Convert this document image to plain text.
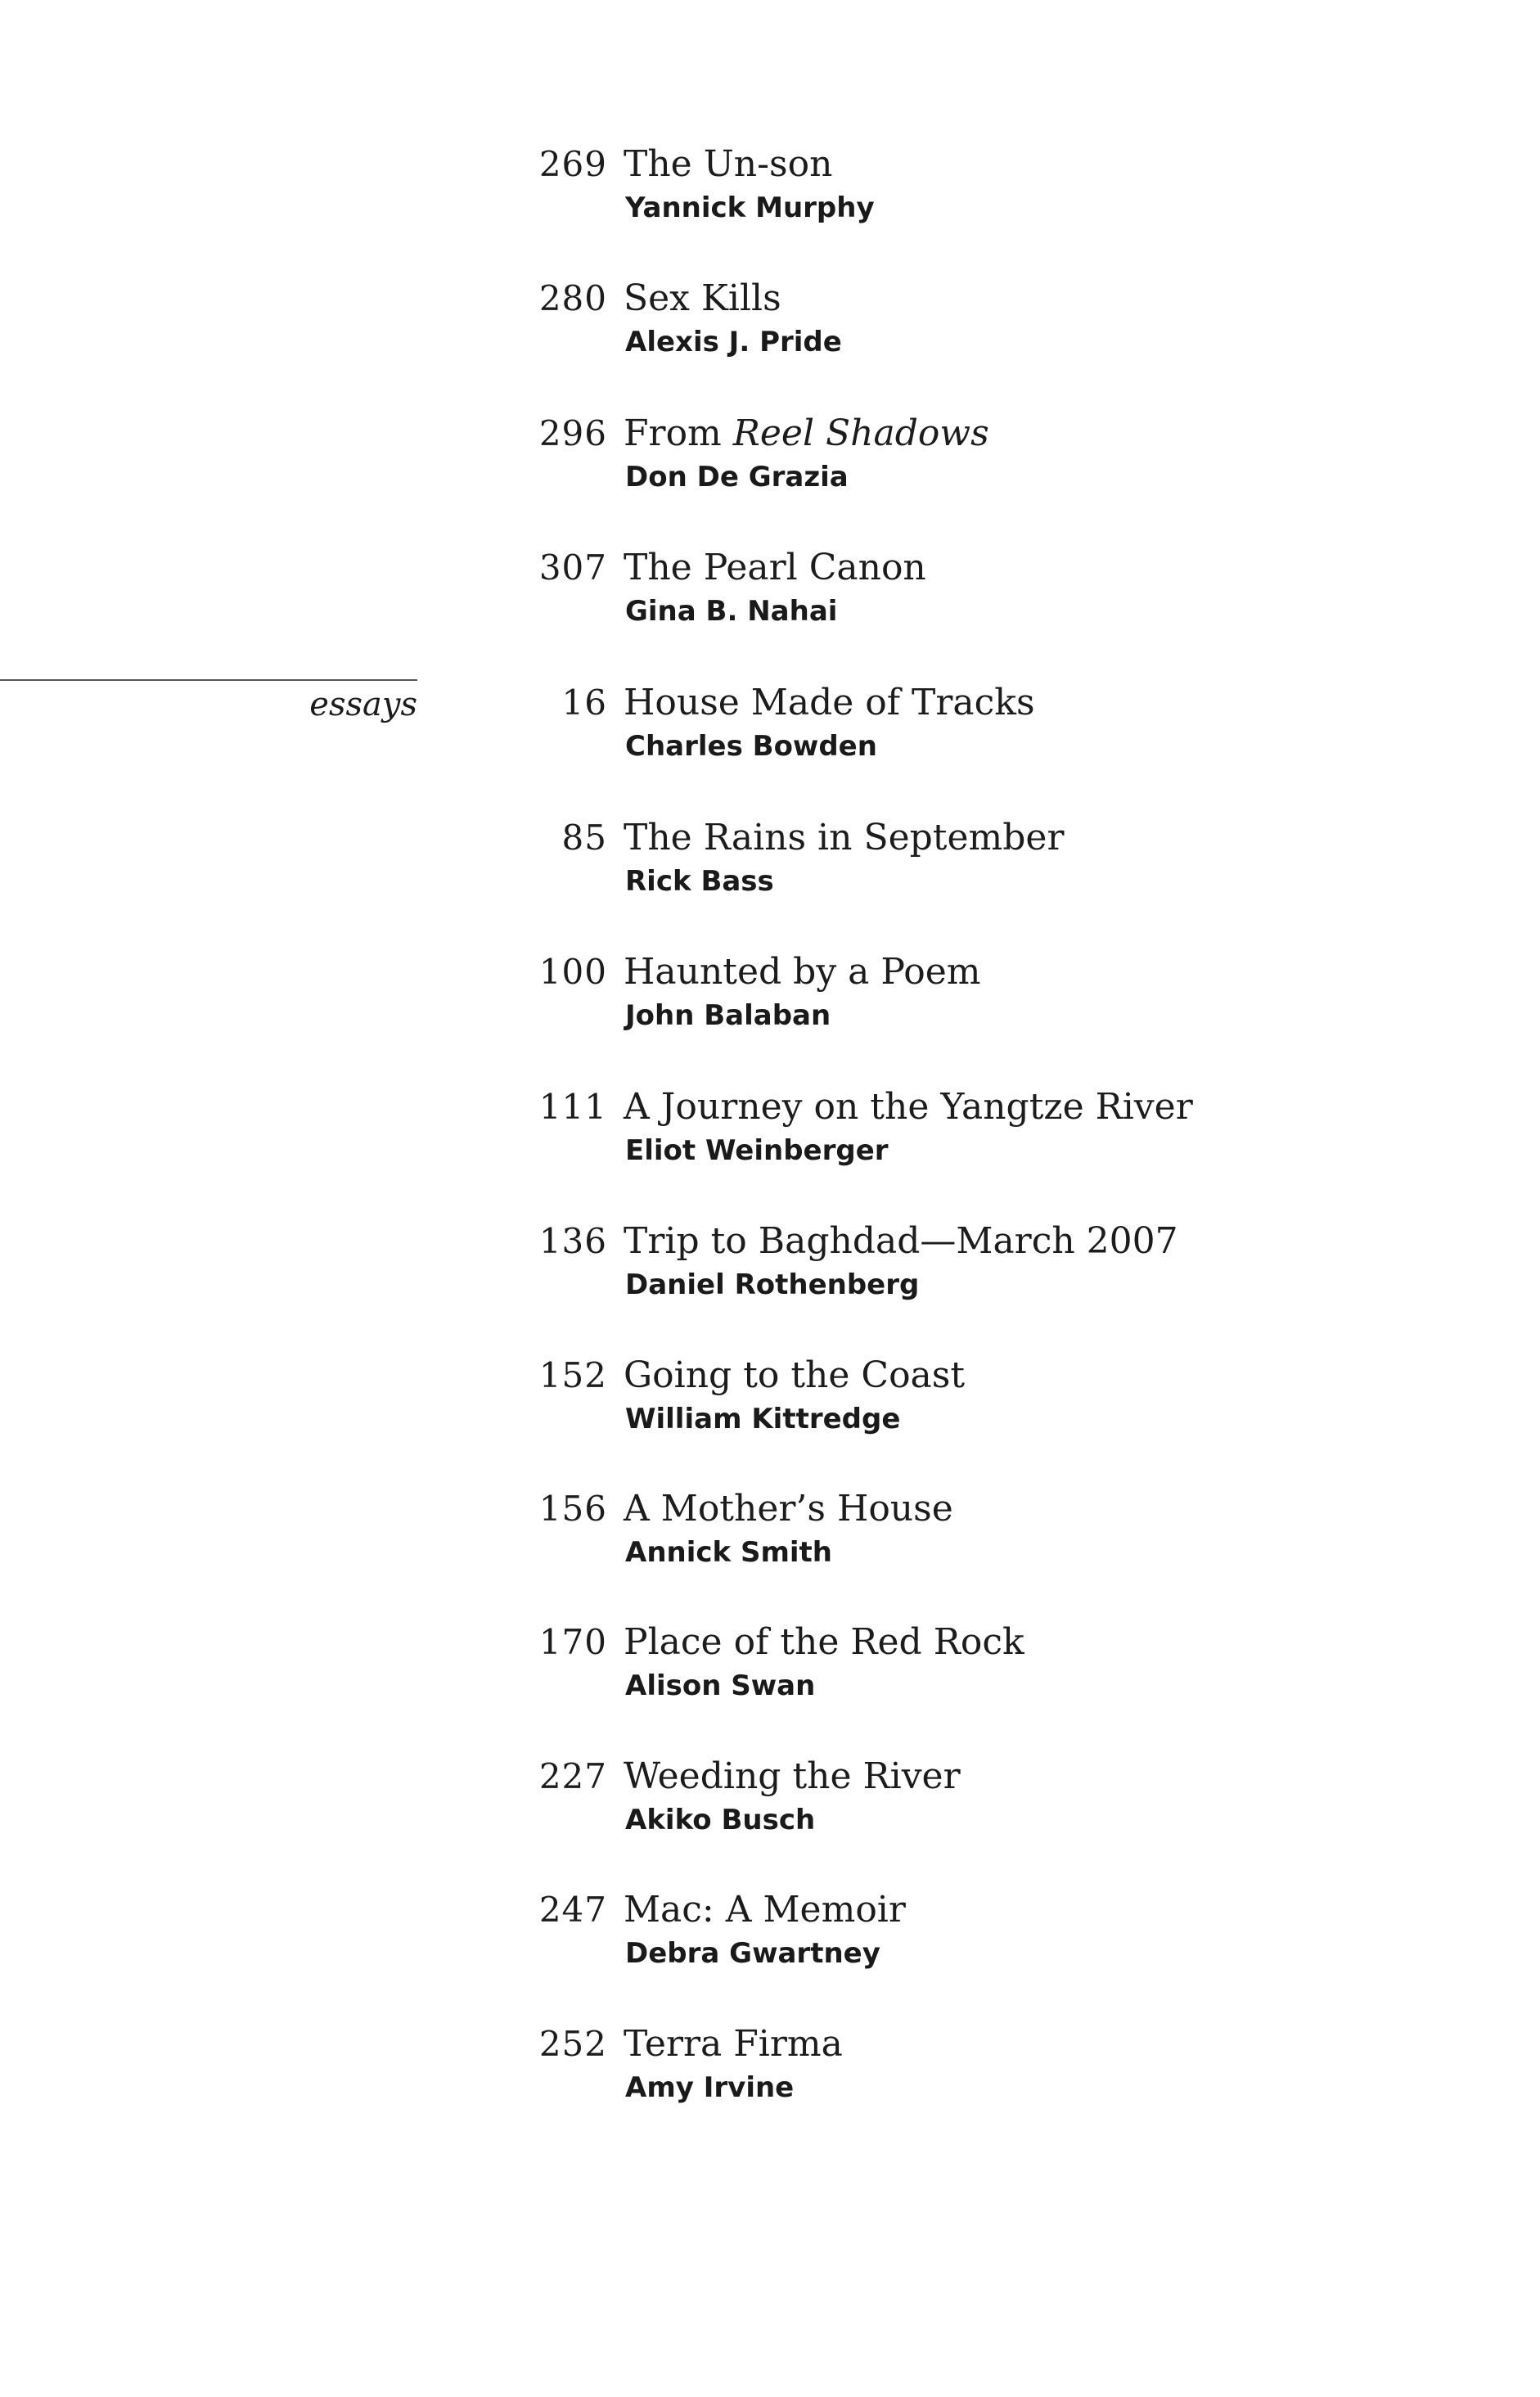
269 The Un-son
Yannick Murphy
280 Sex Kills
Alexis J. Pride
296 From Reel Shadows
Don De Grazia
307 The Pearl Canon
Gina B. Nahai
essays	16 House Made of Tracks
Charles Bowden
85 The Rains in September
Rick Bass
100 Haunted by a Poem
John Balaban
111 A Journey on the Yangtze River
Eliot Weinberger
136 Trip to Baghdad—March 2007
Daniel Rothenberg
152 Going to the Coast
William Kittredge
156 A Mother’s House
Annick Smith
170 Place of the Red Rock
Alison Swan
227 Weeding the River
Akiko Busch
247 Mac: A Memoir
Debra Gwartney
252 Terra Firma
Amy Irvine
